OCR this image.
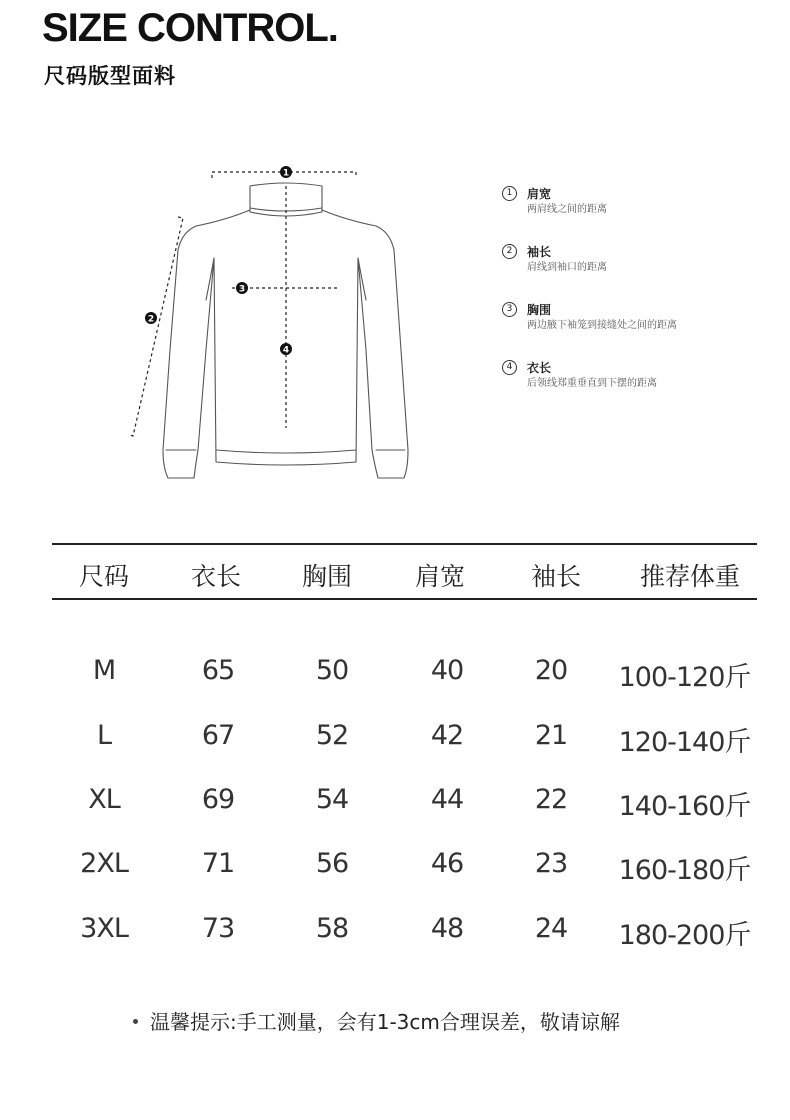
SIZE CONTROL.
尺码版型面料
1
2
3
4
1	肩宽
两肩线之间的距离
2	袖长
肩线到袖口的距离
3	胸围
两边腋下袖笼到接缝处之间的距离
4	衣长
后领线郑重垂直到下摆的距离
尺码	衣长	胸围	肩宽	袖长	推荐体重
M	65	50	40	20	100-120斤
L	67	52	42	21	120-140斤
XL	69	54	44	22	140-160斤
2XL	71	56	46	23	160-180斤
3XL	73	58	48	24	180-200斤
温馨提示:手工测量，会有1-3cm合理误差，敬请谅解
